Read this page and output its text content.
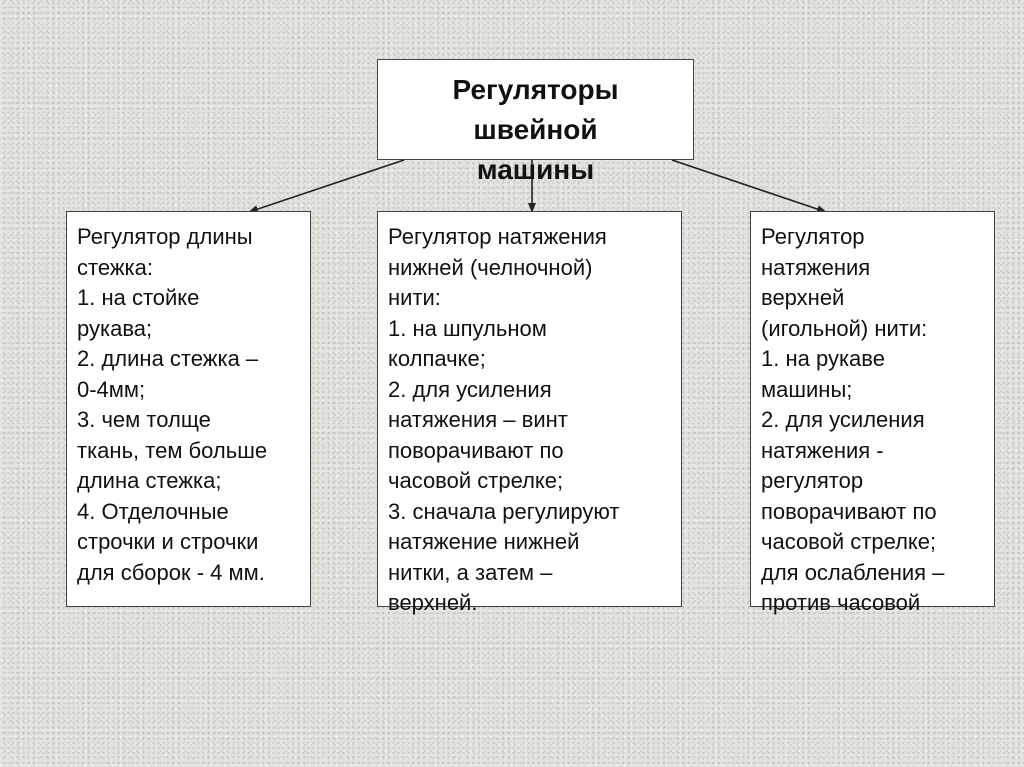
Регуляторы
швейной
машины
Регулятор длины
стежка:
1. на стойке
рукава;
2. длина стежка –
0-4мм;
3. чем толще
ткань, тем больше
длина стежка;
4. Отделочные
строчки и строчки
для сборок - 4 мм.
Регулятор натяжения
нижней (челночной)
нити:
1. на шпульном
колпачке;
2. для усиления
натяжения – винт
поворачивают по
часовой стрелке;
3. сначала регулируют
натяжение нижней
нитки, а затем –
верхней.
Регулятор
натяжения
верхней
(игольной) нити:
1. на рукаве
машины;
2. для усиления
натяжения -
регулятор
поворачивают по
часовой стрелке;
для ослабления –
против часовой
